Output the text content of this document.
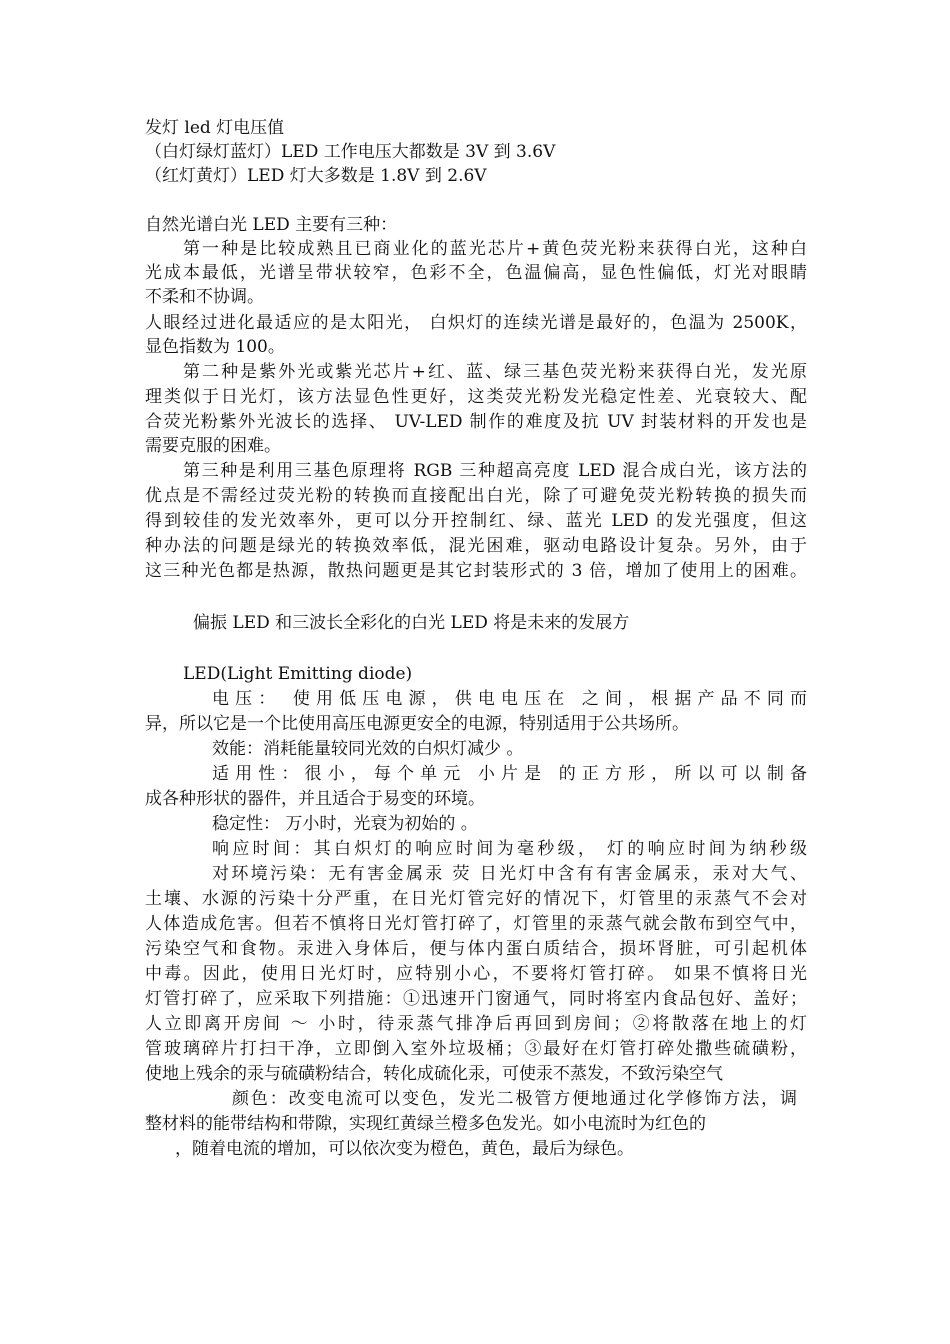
发灯 led 灯电压值

（白灯绿灯蓝灯）LED 工作电压大都数是 3V 到 3.6V

（红灯黄灯）LED 灯大多数是 1.8V 到 2.6V

自然光谱白光 LED 主要有三种：

第一种是比较成熟且已商业化的蓝光芯片+黄色荧光粉来获得白光，这种白

光成本最低，光谱呈带状较窄，色彩不全，色温偏高，显色性偏低，灯光对眼睛

不柔和不协调。

人眼经过进化最适应的是太阳光， 白炽灯的连续光谱是最好的，色温为 2500K，

显色指数为 100。

第二种是紫外光或紫光芯片+红、蓝、绿三基色荧光粉来获得白光，发光原

理类似于日光灯，该方法显色性更好，这类荧光粉发光稳定性差、光衰较大、配

合荧光粉紫外光波长的选择、 UV-LED 制作的难度及抗 UV 封装材料的开发也是

需要克服的困难。

第三种是利用三基色原理将 RGB 三种超高亮度 LED 混合成白光，该方法的

优点是不需经过荧光粉的转换而直接配出白光，除了可避免荧光粉转换的损失而

得到较佳的发光效率外，更可以分开控制红、绿、蓝光 LED 的发光强度，但这

种办法的问题是绿光的转换效率低，混光困难，驱动电路设计复杂。另外，由于

这三种光色都是热源，散热问题更是其它封装形式的 3 倍，增加了使用上的困难。

偏振 LED 和三波长全彩化的白光 LED 将是未来的发展方

LED(Light Emitting diode)

电压： 使用低压电源，供电电压在 之间，根据产品不同而

异，所以它是一个比使用高压电源更安全的电源，特别适用于公共场所。

效能：消耗能量较同光效的白炽灯减少 。

适用性：很小，每个单元 小片是 的正方形，所以可以制备

成各种形状的器件，并且适合于易变的环境。

稳定性： 万小时，光衰为初始的 。

响应时间：其白炽灯的响应时间为毫秒级， 灯的响应时间为纳秒级

对环境污染：无有害金属汞 荧 日光灯中含有有害金属汞，汞对大气、

土壤、水源的污染十分严重，在日光灯管完好的情况下，灯管里的汞蒸气不会对

人体造成危害。但若不慎将日光灯管打碎了，灯管里的汞蒸气就会散布到空气中，

污染空气和食物。汞进入身体后，便与体内蛋白质结合，损坏肾脏，可引起机体

中毒。因此，使用日光灯时，应特别小心，不要将灯管打碎。 如果不慎将日光

灯管打碎了，应采取下列措施：①迅速开门窗通气，同时将室内食品包好、盖好；

人立即离开房间 ～ 小时，待汞蒸气排净后再回到房间；②将散落在地上的灯

管玻璃碎片打扫干净，立即倒入室外垃圾桶；③最好在灯管打碎处撒些硫磺粉，

使地上残余的汞与硫磺粉结合，转化成硫化汞，可使汞不蒸发，不致污染空气

颜色：改变电流可以变色，发光二极管方便地通过化学修饰方法，调

整材料的能带结构和带隙，实现红黄绿兰橙多色发光。如小电流时为红色的

，随着电流的增加，可以依次变为橙色，黄色，最后为绿色。
